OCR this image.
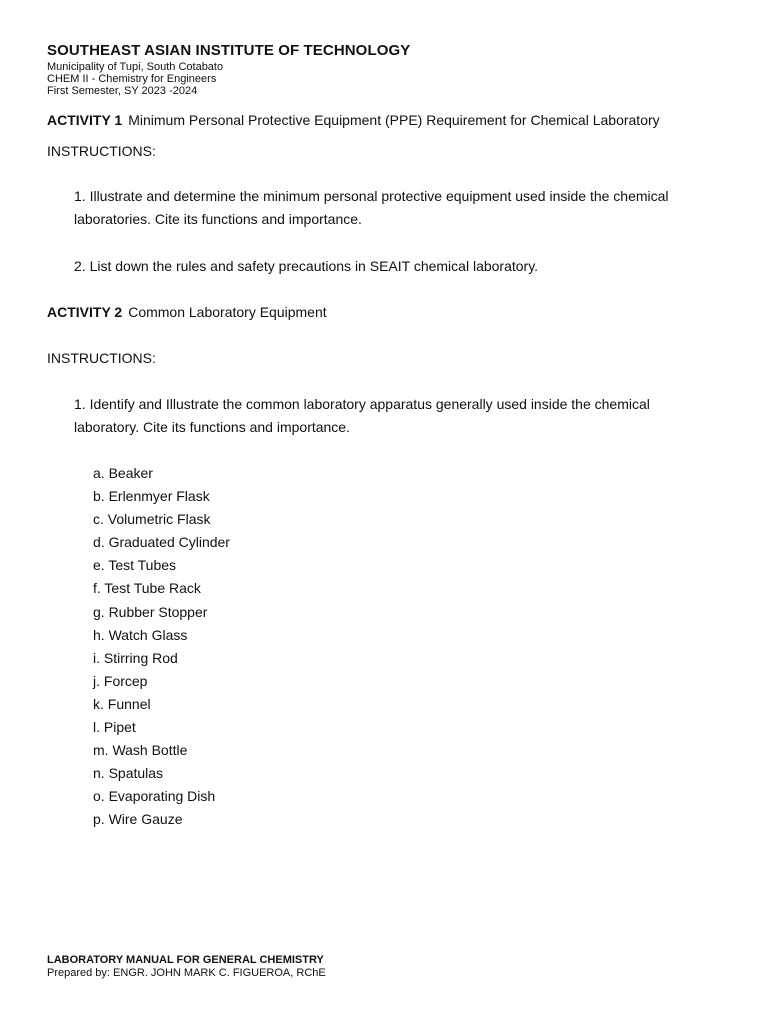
SOUTHEAST ASIAN INSTITUTE OF TECHNOLOGY
Municipality of Tupi, South Cotabato
CHEM II - Chemistry for Engineers
First Semester, SY 2023 -2024
ACTIVITY 1 Minimum Personal Protective Equipment (PPE) Requirement for Chemical Laboratory
INSTRUCTIONS:
1. Illustrate and determine the minimum personal protective equipment used inside the chemical laboratories. Cite its functions and importance.
2. List down the rules and safety precautions in SEAIT chemical laboratory.
ACTIVITY 2 Common Laboratory Equipment
INSTRUCTIONS:
1. Identify and Illustrate the common laboratory apparatus generally used inside the chemical laboratory. Cite its functions and importance.
a. Beaker
b. Erlenmyer Flask
c. Volumetric Flask
d. Graduated Cylinder
e. Test Tubes
f. Test Tube Rack
g. Rubber Stopper
h. Watch Glass
i. Stirring Rod
j. Forcep
k. Funnel
l. Pipet
m. Wash Bottle
n. Spatulas
o. Evaporating Dish
p. Wire Gauze
LABORATORY MANUAL FOR GENERAL CHEMISTRY
Prepared by: ENGR. JOHN MARK C. FIGUEROA, RChE
